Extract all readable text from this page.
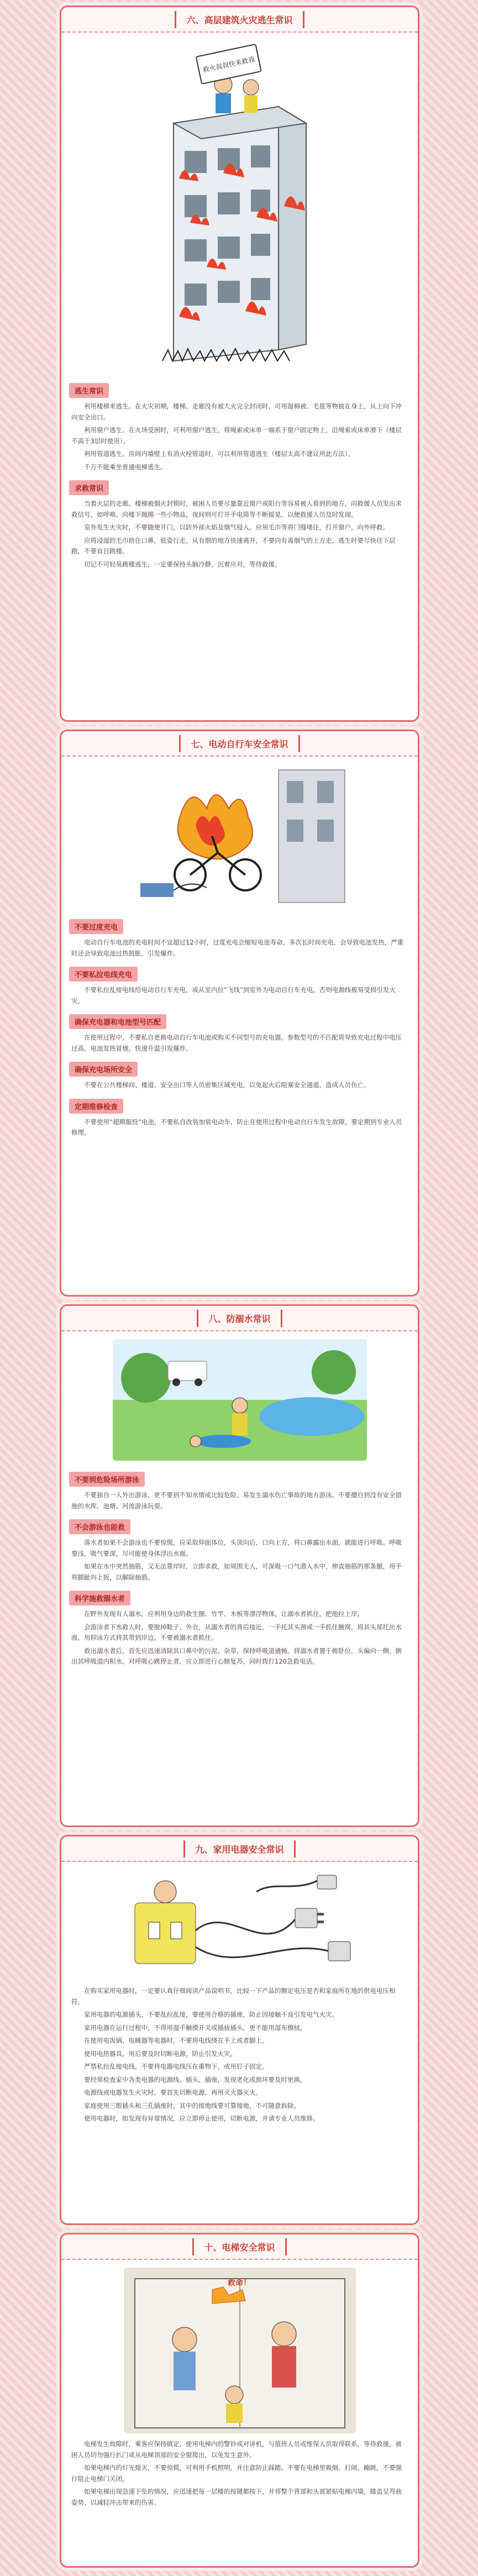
六、高层建筑火灾逃生常识
救火叔叔快来救我
逃生常识

利用楼梯来逃生。在火灾初期，楼梯、走廊没有被大火完全封闭时，可用湿棉被、毛毯等物披在身上，从上向下冲向安全出口。

利用窗户逃生。在火场受困时，可利用窗户逃生，将绳索或床单一端系于窗户固定物上，沿绳索或床单滑下（楼层不高于3层时使用）。

利用管道逃生。房间内墙壁上有消火栓管道时，可以利用管道逃生（楼层太高不建议用此方法）。

千万不能乘坐普通电梯逃生。

求救常识

当着火层的走廊、楼梯被烟火封锁时，被困人员要尽量靠近窗户或阳台等容易被人看到的地方，向救援人员发出求救信号，如呼唤、向楼下抛掷一些小物品，夜间则可打开手电筒等不断摇晃，以便救援人员及时发现。

室外发生火灾时，不要随便开门，以防外部火焰及烟气侵入。应用毛巾等将门缝堵住，打开窗户，向外呼救。

应将浸湿的毛巾捂住口鼻，低姿行走，从有烟的地方快速离开，不要向有毒烟气的上方走，逃生时要尽快往下层跑，不要盲目跳楼。

切记不可轻易跳楼逃生，一定要保持头脑冷静，沉着应对，等待救援。

七、电动自行车安全常识
不要过度充电

电动自行车电池的充电时间不宜超过12小时，过度充电会缩短电池寿命，多次长时间充电，会导致电池发热，严重时还会导致电池过热鼓胀，引发爆炸。

不要私拉电线充电

不要私拉乱接电线给电动自行车充电，或从室内拉“飞线”到室外为电动自行车充电，否则电源线极易受损引发火灾。

确保充电器和电池型号匹配

在使用过程中，不要私自更换电动自行车电池或购买不同型号的充电器，参数型号的不匹配将导致充电过程中电压过高、电池发热冒烟，快速升温引发爆炸。

确保充电场所安全

不要在公共楼梯间、楼道、安全出口等人员密集区域充电，以免起火后阻塞安全通道，造成人员伤亡。

定期维修检查

不要使用“超期服役”电池，不要私自改装加装电动车，防止在使用过程中电动自行车发生故障，要定期到专业人员修理。

八、防溺水常识
不要到危险场所游泳

不要独自一人外出游泳，更不要到不知水情或比较危险、易发生溺水伤亡事故的地方游泳。不要擅自到没有安全措施的水库、池塘、河流游泳玩耍。

不会游泳也能救

落水者如果不会游泳也不要惊慌，应采取仰面体位，头顶向后，口向上方，将口鼻露出水面，就能进行呼吸。呼吸要浅，吸气要深，尽可能使身体浮出水面。

如果在水中突然抽筋，又无法靠岸时，立即求救，如周围无人，可深吸一口气潜入水中，伸直抽筋的那条腿，用手将脚趾向上扳，以解除抽筋。

科学施救溺水者

在野外发现有人溺水，应利用身边的救生圈、竹竿、木板等漂浮物体，让溺水者抓住，把他拉上岸。

会游泳者下水救人时，要脱掉鞋子、外衣，从溺水者的背后接近，一手托其头颈或一手抓住腋窝，将其头部托出水面，用仰泳方式将其带到岸边。不要被溺水者抓住。

救出溺水者后，首先应迅速清除其口鼻中的污泥、杂草，保持呼吸道通畅。将溺水者置于俯卧位，头偏向一侧，倒出其呼吸道内积水。对呼吸心跳停止者，应立即进行心肺复苏，同时拨打120急救电话。

九、家用电器安全常识

在购买家用电器时，一定要认真仔细阅读产品说明书，比较一下产品的额定电压是否和家庭所在地的供电电压相符。

家用电器的电源插头，不要乱拉乱接，要使用合格的插座，防止因接触不良引发电气火灾。

家用电器在运行过程中，不得用湿手触摸开关或插拔插头，更不能用湿布擦拭。

在使用电饭锅、电暖器等电器时，不要将电线绕在手上或者脚上。

使用电热器具，用后要及时切断电源，防止引发火灾。

严禁私拉乱接电线，不要将电器电线压在重物下，或用钉子固定。

要经常检查家中各类电器的电源线、插头、插座，发现老化或损坏要及时更换。

电源线或电器发生火灾时，要首先切断电源，再用灭火器灭火。

家庭使用三眼插头和三孔插座时，其中的接地线要可靠接地，不可随意拆除。

使用电器时，如发现有异常情况，应立即停止使用，切断电源，并请专业人员维修。

十、电梯安全常识
救命！

电梯发生故障时，乘客应保持镇定，使用电梯内的警铃或对讲机，与值班人员或维保人员取得联系，等待救援。被困人员切勿强行扒门或从电梯顶部的安全窗爬出，以免发生意外。

如果电梯内的灯光熄灭，不要惊慌，可利用手机照明，并注意防止踩踏。不要在电梯里吸烟、打闹、蹦跳，不要强行阻止电梯门关闭。

如果电梯出现急速下坠的情况，应迅速把每一层楼的按键都按下，并将整个背部和头部紧贴电梯内墙，膝盖呈弯曲姿势，以减轻冲击带来的伤害。
